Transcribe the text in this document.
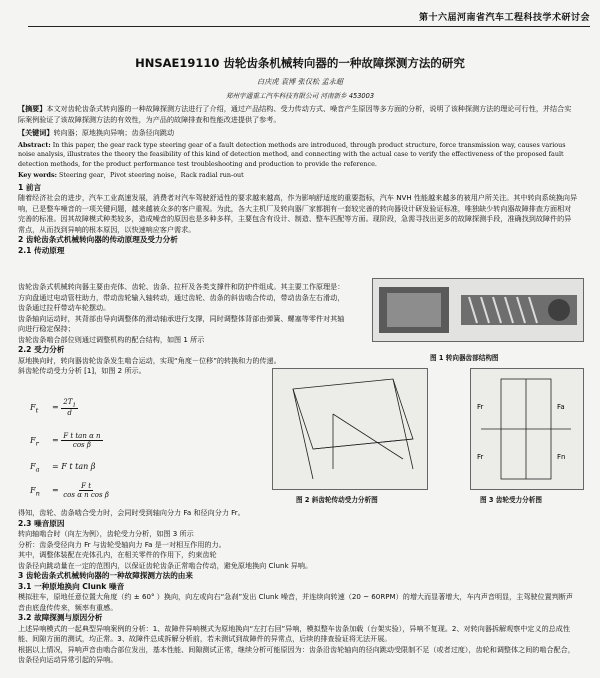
第十六届河南省汽车工程科技学术研讨会
HNSAE19110 齿轮齿条机械转向器的一种故障探测方法的研究
白庆虎 袁博 张仅松 孟永超
郑州宇通重工汽车科技有限公司 河南新乡 453003

【摘要】本文对齿轮齿条式转向器的一种故障探测方法进行了介绍，通过产品结构、受力传动方式、噪音产生原因等多方面的分析，说明了该种探测方法的理论可行性，并结合实际案例验证了该故障探测方法的有效性，为产品的故障排查和性能改进提供了参考。

【关键词】转向器；原地换向异响；齿条径向跳动

Abstract: In this paper, the gear rack type steering gear of a fault detection methods are introduced, through product structure, force transmission way, causes various noise analysis, illustrates the theory the feasibility of this kind of detection method, and connecting with the actual case to verify the effectiveness of the proposed fault detection methods, for the product performance test troubleshooting and production to provide the reference.

Key words: Steering gear，Pivot steering noise，Rack radial run-out

1 前言

随着经济社会的进步，汽车工业高速发展，消费者对汽车驾驶舒适性的要求越来越高，作为影响舒适度的重要指标，汽车 NVH 性能越来越多的被用户所关注。其中转向系统换向异响，已是整车噪音的一项关键问题，越来越被众多的客户重视。为此，各大主机厂及转向器厂家都拥有一套较完善的转向器设计研发验证标准，唯独缺少转向器故障排查方面相对完善的标准。因其故障模式种类较多，造成噪音的原因也是多种多样，主要包含有设计、制造、整车匹配等方面。现阶段，急需寻找出更多的故障探测手段，准确找到故障件的异常点，从而找到异响的根本原因，以快速响应客户需求。

2 齿轮齿条式机械转向器的传动原理及受力分析

2.1 传动原理

齿轮齿条式机械转向器主要由壳体、齿轮、齿条、拉杆及各类支撑件和防护件组成。其主要工作原理是：方向盘通过电动管柱助力，带动齿轮输入轴转动，通过齿轮、齿条的斜齿啮合传动，带动齿条左右滑动，齿条通过拉杆带动车轮摆动。

齿条轴向运动时，其背部由导向调整体的滑动轴承进行支撑，同时调整体背部由弹簧、螺塞等零件对其轴向进行稳定保持；

齿轮齿条啮合部位则通过调整机构的配合结构，如图 1 所示

2.2 受力分析

原地换向时，转向器齿轮齿条发生啮合运动，实现“角度－位移”的转换和力的传递。

斜齿轮传动受力分析 [1]，如图 2 所示。

$F_t = \frac{2T_1}{d}$
$F_r = \frac{\text{F t tan α n}}{\text{cos β}}$
$F_a = F$ t tan β
$F_n = \frac{\text{F t}}{\text{cos α n cos β}}$
图 1 转向器齿部结构图
图 2 斜齿轮传动受力分析图
Fr	Fa
Fr	Fn
图 3 齿轮受力分析图

得知，齿轮、齿条啮合受力时，会同时受到轴向分力 Fa 和径向分力 Fr。

2.3 噪音原因

转向轴啮合时（向左为例），齿轮受力分析，如图 3 所示

分析：齿条受径向力 Fr 与齿轮受轴向力 Fa 是一对相互作用的力。

其中，调整体装配在壳体孔内，在相关零件的作用下，约束齿轮

齿条径向跳动量在一定的范围内，以保证齿轮齿条正常啮合传动，避免原地换向 Clunk 异响。

3 齿轮齿条式机械转向器的一种故障探测方法的由来

3.1 一种原地换向 Clunk 噪音

模拟驻车，原地任意位置大角度（约 ± 60° ）换向，向左或向右“急刹”发出 Clunk 噪音，并连续向转速（20 ~ 60RPM）的增大而显著增大，车内声音明显，主驾驶位置判断声音由底盘传传来，频率有重感。

3.2 故障探测与原因分析

上述异响模式的一起典型异响案例的分析：1、故障件异响模式为原地换向“左打右回”异响，模拟整车齿条加载（台架实验），异响不复现。2、对转向器拆解观察中定义的总成性能、间隙方面的测试，均正常。3、故障件总成拆解分析前，若未测试到故障件的异常点，后续的排查验证将无法开展。

根据以上情况，异响声音由啮合部位发出，基本性能、间隙测试正常，继续分析可能原因为：齿条沿齿轮轴向的径向跳动受限制不足（或者过度），齿轮和调整体之间的啮合配合，齿条径向运动异常引起的异响。
